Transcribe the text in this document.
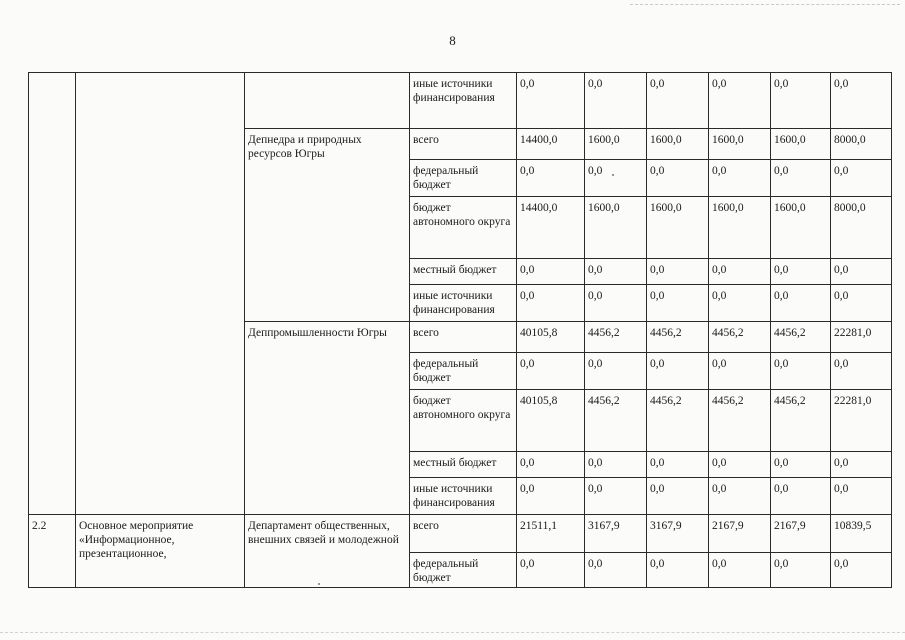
8
			иные источники финансирования	0,0	0,0	0,0	0,0	0,0	0,0
		Депнедра и природных ресурсов Югры	всего	14400,0	1600,0	1600,0	1600,0	1600,0	8000,0
			федеральный бюджет	0,0	0,0	0,0	0,0	0,0	0,0
			бюджет автономного округа	14400,0	1600,0	1600,0	1600,0	1600,0	8000,0
			местный бюджет	0,0	0,0	0,0	0,0	0,0	0,0
			иные источники финансирования	0,0	0,0	0,0	0,0	0,0	0,0
		Деппромышленности Югры	всего	40105,8	4456,2	4456,2	4456,2	4456,2	22281,0
			федеральный бюджет	0,0	0,0	0,0	0,0	0,0	0,0
			бюджет автономного округа	40105,8	4456,2	4456,2	4456,2	4456,2	22281,0
			местный бюджет	0,0	0,0	0,0	0,0	0,0	0,0
			иные источники финансирования	0,0	0,0	0,0	0,0	0,0	0,0
2.2	Основное мероприятие «Информационное, презентационное,	Департамент общественных, внешних связей и молодежной	всего	21511,1	3167,9	3167,9	2167,9	2167,9	10839,5
			федеральный бюджет	0,0	0,0	0,0	0,0	0,0	0,0
